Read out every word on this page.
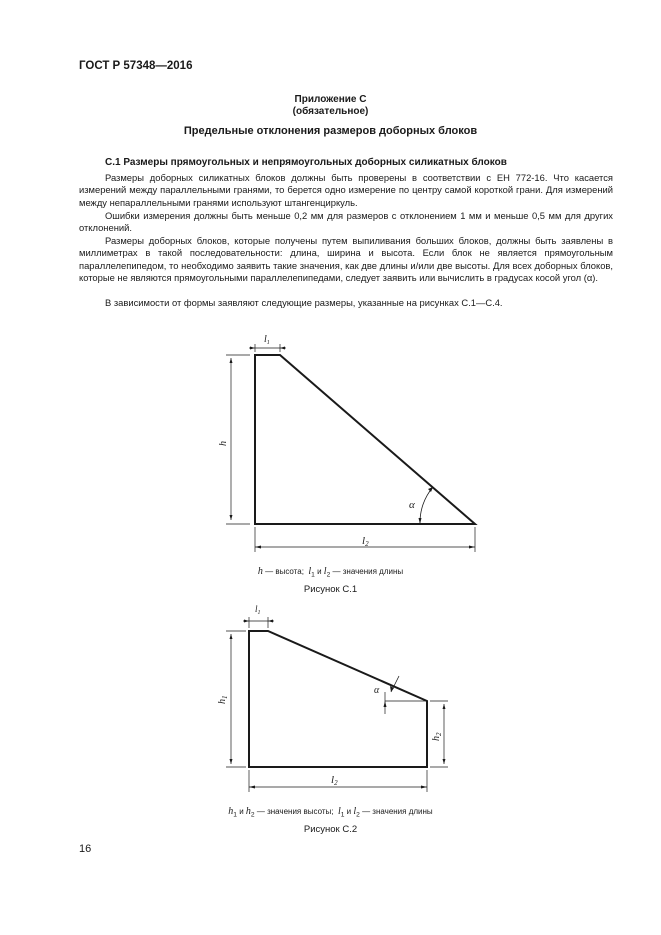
ГОСТ Р 57348—2016
Приложение С
(обязательное)
Предельные отклонения размеров доборных блоков
С.1 Размеры прямоугольных и непрямоугольных доборных силикатных блоков
Размеры доборных силикатных блоков должны быть проверены в соответствии с ЕН 772-16. Что касается измерений между параллельными гранями, то берется одно измерение по центру самой короткой грани. Для измерений между непараллельными гранями используют штангенциркуль.
Ошибки измерения должны быть меньше 0,2 мм для размеров с отклонением 1 мм и меньше 0,5 мм для других отклонений.
Размеры доборных блоков, которые получены путем выпиливания больших блоков, должны быть заявлены в миллиметрах в такой последовательности: длина, ширина и высота. Если блок не является прямоугольным параллелепипедом, то необходимо заявить такие значения, как две длины и/или две высоты. Для всех доборных блоков, которые не являются прямоугольными параллелепипедами, следует заявить или вычислить в градусах косой угол (α).
В зависимости от формы заявляют следующие размеры, указанные на рисунках С.1—С.4.
$l_1$
h
α
l2
$l_1$
$h_1$
$h_2$
α
l2
h — высота; $l_1$ и $l_2$ — значения длины
Рисунок С.1
$h_1$ и $h_2$ — значения высоты; $l_1$ и $l_2$ — значения длины
Рисунок С.2
16
